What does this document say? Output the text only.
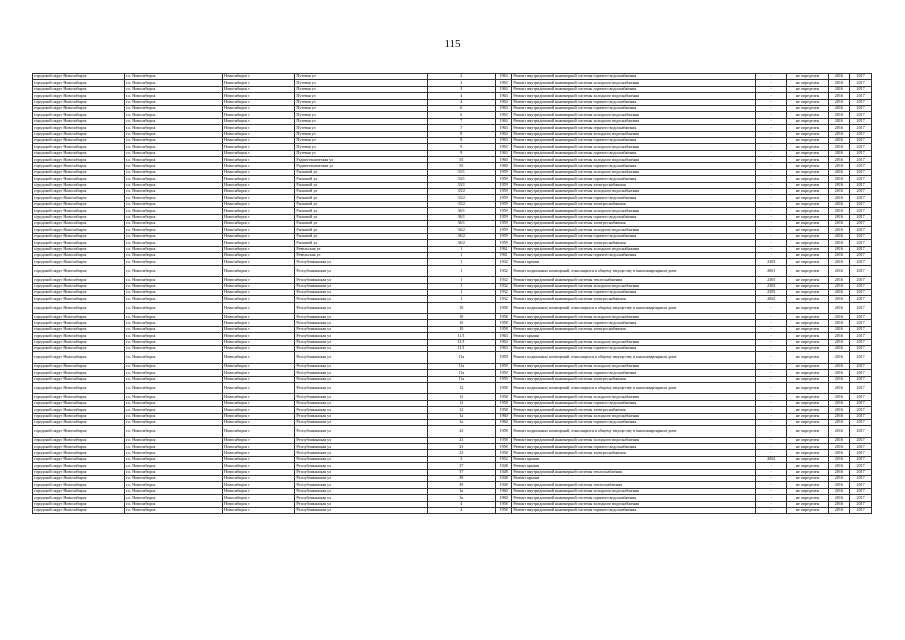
115
городской округ Новосибирск	г.о. Новосибирск	Новосибирск г	Путевая ул	2	1963	Ремонт внутридомовой инженерной системы горячего водоснабжения	-	не определен	2016	2017
городской округ Новосибирск	г.о. Новосибирск	Новосибирск г	Путевая ул	3	1963	Ремонт внутридомовой инженерной системы холодного водоснабжения	-	не определен	2016	2017
городской округ Новосибирск	г.о. Новосибирск	Новосибирск г	Путевая ул	3	1963	Ремонт внутридомовой инженерной системы горячего водоснабжения	-	не определен	2016	2017
городской округ Новосибирск	г.о. Новосибирск	Новосибирск г	Путевая ул	4	1963	Ремонт внутридомовой инженерной системы холодного водоснабжения	-	не определен	2016	2017
городской округ Новосибирск	г.о. Новосибирск	Новосибирск г	Путевая ул	4	1963	Ремонт внутридомовой инженерной системы горячего водоснабжения	-	не определен	2016	2017
городской округ Новосибирск	г.о. Новосибирск	Новосибирск г	Путевая ул	6	1963	Ремонт внутридомовой инженерной системы горячего водоснабжения	-	не определен	2016	2017
городской округ Новосибирск	г.о. Новосибирск	Новосибирск г	Путевая ул	6	1963	Ремонт внутридомовой инженерной системы холодного водоснабжения	-	не определен	2016	2017
городской округ Новосибирск	г.о. Новосибирск	Новосибирск г	Путевая ул	7	1963	Ремонт внутридомовой инженерной системы холодного водоснабжения	-	не определен	2016	2017
городской округ Новосибирск	г.о. Новосибирск	Новосибирск г	Путевая ул	7	1963	Ремонт внутридомовой инженерной системы горячего водоснабжения	-	не определен	2016	2017
городской округ Новосибирск	г.о. Новосибирск	Новосибирск г	Путевая ул	8	1963	Ремонт внутридомовой инженерной системы холодного водоснабжения	-	не определен	2016	2017
городской округ Новосибирск	г.о. Новосибирск	Новосибирск г	Путевая ул	8	1963	Ремонт внутридомовой инженерной системы горячего водоснабжения	-	не определен	2016	2017
городской округ Новосибирск	г.о. Новосибирск	Новосибирск г	Путевая ул	9	1963	Ремонт внутридомовой инженерной системы холодного водоснабжения	-	не определен	2016	2017
городской округ Новосибирск	г.о. Новосибирск	Новосибирск г	Путевая ул	9	1963	Ремонт внутридомовой инженерной системы горячего водоснабжения	-	не определен	2016	2017
городской округ Новосибирск	г.о. Новосибирск	Новосибирск г	Радиотехническая ул	55	1960	Ремонт внутридомовой инженерной системы холодного водоснабжения	-	не определен	2016	2017
городской округ Новосибирск	г.о. Новосибирск	Новосибирск г	Радиотехническая ул	55	1960	Ремонт внутридомовой инженерной системы горячего водоснабжения	-	не определен	2016	2017
городской округ Новосибирск	г.о. Новосибирск	Новосибирск г	Расковой ул	33/1	1959	Ремонт внутридомовой инженерной системы холодного водоснабжения	-	не определен	2016	2017
городской округ Новосибирск	г.о. Новосибирск	Новосибирск г	Расковой ул	33/1	1959	Ремонт внутридомовой инженерной системы горячего водоснабжения	-	не определен	2016	2017
городской округ Новосибирск	г.о. Новосибирск	Новосибирск г	Расковой ул	33/1	1959	Ремонт внутридомовой инженерной системы электроснабжения	-	не определен	2016	2017
городской округ Новосибирск	г.о. Новосибирск	Новосибирск г	Расковой ул	33/2	1959	Ремонт внутридомовой инженерной системы холодного водоснабжения	-	не определен	2016	2017
городской округ Новосибирск	г.о. Новосибирск	Новосибирск г	Расковой ул	33/2	1959	Ремонт внутридомовой инженерной системы горячего водоснабжения	-	не определен	2016	2017
городской округ Новосибирск	г.о. Новосибирск	Новосибирск г	Расковой ул	33/2	1959	Ремонт внутридомовой инженерной системы электроснабжения	-	не определен	2016	2017
городской округ Новосибирск	г.о. Новосибирск	Новосибирск г	Расковой ул	36/1	1959	Ремонт внутридомовой инженерной системы холодного водоснабжения	-	не определен	2016	2017
городской округ Новосибирск	г.о. Новосибирск	Новосибирск г	Расковой ул	36/1	1959	Ремонт внутридомовой инженерной системы горячего водоснабжения	-	не определен	2016	2017
городской округ Новосибирск	г.о. Новосибирск	Новосибирск г	Расковой ул	36/1	1959	Ремонт внутридомовой инженерной системы электроснабжения	-	не определен	2016	2017
городской округ Новосибирск	г.о. Новосибирск	Новосибирск г	Расковой ул	36/2	1959	Ремонт внутридомовой инженерной системы холодного водоснабжения	-	не определен	2016	2017
городской округ Новосибирск	г.о. Новосибирск	Новосибирск г	Расковой ул	36/2	1959	Ремонт внутридомовой инженерной системы горячего водоснабжения	-	не определен	2016	2017
городской округ Новосибирск	г.о. Новосибирск	Новосибирск г	Расковой ул	36/2	1959	Ремонт внутридомовой инженерной системы электроснабжения	-	не определен	2016	2017
городской округ Новосибирск	г.о. Новосибирск	Новосибирск г	Ревельская ул	1	1961	Ремонт внутридомовой инженерной системы холодного водоснабжения	-	не определен	2016	2017
городской округ Новосибирск	г.о. Новосибирск	Новосибирск г	Ревельская ул	1	1961	Ремонт внутридомовой инженерной системы горячего водоснабжения	-	не определен	2016	2017
городской округ Новосибирск	г.о. Новосибирск	Новосибирск г	Республиканская ул	1	1932	Ремонт крыши	2305	не определен	2016	2017
городской округ Новосибирск	г.о. Новосибирск	Новосибирск г	Республиканская ул	1	1932	Ремонт подвальных помещений, относящихся к общему имуществу в многоквартирном доме	2061	не определен	2016	2017
городской округ Новосибирск	г.о. Новосибирск	Новосибирск г	Республиканская ул	1	1932	Ремонт внутридомовой инженерной системы теплоснабжения	2305	не определен	2016	2017
городской округ Новосибирск	г.о. Новосибирск	Новосибирск г	Республиканская ул	1	1932	Ремонт внутридомовой инженерной системы холодного водоснабжения	2303	не определен	2016	2017
городской округ Новосибирск	г.о. Новосибирск	Новосибирск г	Республиканская ул	1	1932	Ремонт внутридомовой инженерной системы горячего водоснабжения	2305	не определен	2016	2017
городской округ Новосибирск	г.о. Новосибирск	Новосибирск г	Республиканская ул	1	1932	Ремонт внутридомовой инженерной системы электроснабжения	2002	не определен	2016	2017
городской округ Новосибирск	г.о. Новосибирск	Новосибирск г	Республиканская ул	10	1958	Ремонт подвальных помещений, относящихся к общему имуществу в многоквартирном доме	-	не определен	2016	2017
городской округ Новосибирск	г.о. Новосибирск	Новосибирск г	Республиканская ул	10	1958	Ремонт внутридомовой инженерной системы холодного водоснабжения	-	не определен	2016	2017
городской округ Новосибирск	г.о. Новосибирск	Новосибирск г	Республиканская ул	10	1958	Ремонт внутридомовой инженерной системы горячего водоснабжения	-	не определен	2016	2017
городской округ Новосибирск	г.о. Новосибирск	Новосибирск г	Республиканская ул	10	1958	Ремонт внутридомовой инженерной системы электроснабжения	-	не определен	2016	2017
городской округ Новосибирск	г.о. Новосибирск	Новосибирск г	Республиканская ул	11/1	1963	Ремонт крыши	-	не определен	2016	2017
городской округ Новосибирск	г.о. Новосибирск	Новосибирск г	Республиканская ул	11/1	1963	Ремонт внутридомовой инженерной системы холодного водоснабжения	-	не определен	2016	2017
городской округ Новосибирск	г.о. Новосибирск	Новосибирск г	Республиканская ул	11/1	1963	Ремонт внутридомовой инженерной системы горячего водоснабжения	-	не определен	2016	2017
городской округ Новосибирск	г.о. Новосибирск	Новосибирск г	Республиканская ул	11а	1959	Ремонт подвальных помещений, относящихся к общему имуществу в многоквартирном доме	-	не определен	2016	2017
городской округ Новосибирск	г.о. Новосибирск	Новосибирск г	Республиканская ул	11а	1959	Ремонт внутридомовой инженерной системы холодного водоснабжения	-	не определен	2016	2017
городской округ Новосибирск	г.о. Новосибирск	Новосибирск г	Республиканская ул	11а	1959	Ремонт внутридомовой инженерной системы горячего водоснабжения	-	не определен	2016	2017
городской округ Новосибирск	г.о. Новосибирск	Новосибирск г	Республиканская ул	11а	1959	Ремонт внутридомовой инженерной системы электроснабжения	-	не определен	2016	2017
городской округ Новосибирск	г.о. Новосибирск	Новосибирск г	Республиканская ул	12	1958	Ремонт подвальных помещений, относящихся к общему имуществу в многоквартирном доме	-	не определен	2016	2017
городской округ Новосибирск	г.о. Новосибирск	Новосибирск г	Республиканская ул	12	1958	Ремонт внутридомовой инженерной системы холодного водоснабжения	-	не определен	2016	2017
городской округ Новосибирск	г.о. Новосибирск	Новосибирск г	Республиканская ул	12	1958	Ремонт внутридомовой инженерной системы горячего водоснабжения	-	не определен	2016	2017
городской округ Новосибирск	г.о. Новосибирск	Новосибирск г	Республиканская ул	12	1958	Ремонт внутридомовой инженерной системы электроснабжения	-	не определен	2016	2017
городской округ Новосибирск	г.о. Новосибирск	Новосибирск г	Республиканская ул	1а	1960	Ремонт внутридомовой инженерной системы холодного водоснабжения	-	не определен	2016	2017
городской округ Новосибирск	г.о. Новосибирск	Новосибирск г	Республиканская ул	1а	1960	Ремонт внутридомовой инженерной системы горячего водоснабжения	-	не определен	2016	2017
городской округ Новосибирск	г.о. Новосибирск	Новосибирск г	Республиканская ул	23	1958	Ремонт подвальных помещений, относящихся к общему имуществу в многоквартирном доме	-	не определен	2016	2017
городской округ Новосибирск	г.о. Новосибирск	Новосибирск г	Республиканская ул	23	1958	Ремонт внутридомовой инженерной системы холодного водоснабжения	-	не определен	2016	2017
городской округ Новосибирск	г.о. Новосибирск	Новосибирск г	Республиканская ул	23	1958	Ремонт внутридомовой инженерной системы горячего водоснабжения	-	не определен	2016	2017
городской округ Новосибирск	г.о. Новосибирск	Новосибирск г	Республиканская ул	23	1958	Ремонт внутридомовой инженерной системы электроснабжения	-	не определен	2016	2017
городской округ Новосибирск	г.о. Новосибирск	Новосибирск г	Республиканская ул	3	1952	Ремонт крыши	2002	не определен	2016	2017
городской округ Новосибирск	г.о. Новосибирск	Новосибирск г	Республиканская ул	37	1948	Ремонт крыши	-	не определен	2016	2017
городской округ Новосибирск	г.о. Новосибирск	Новосибирск г	Республиканская ул	37	1948	Ремонт внутридомовой инженерной системы теплоснабжения	-	не определен	2016	2017
городской округ Новосибирск	г.о. Новосибирск	Новосибирск г	Республиканская ул	39	1948	Ремонт крыши	-	не определен	2016	2017
городской округ Новосибирск	г.о. Новосибирск	Новосибирск г	Республиканская ул	39	1948	Ремонт внутридомовой инженерной системы теплоснабжения	-	не определен	2016	2017
городской округ Новосибирск	г.о. Новосибирск	Новосибирск г	Республиканская ул	3а	1960	Ремонт внутридомовой инженерной системы холодного водоснабжения	-	не определен	2016	2017
городской округ Новосибирск	г.о. Новосибирск	Новосибирск г	Республиканская ул	3а	1960	Ремонт внутридомовой инженерной системы горячего водоснабжения	-	не определен	2016	2017
городской округ Новосибирск	г.о. Новосибирск	Новосибирск г	Республиканская ул	4	1958	Ремонт внутридомовой инженерной системы холодного водоснабжения	-	не определен	2016	2017
городской округ Новосибирск	г.о. Новосибирск	Новосибирск г	Республиканская ул	4	1958	Ремонт внутридомовой инженерной системы горячего водоснабжения	-	не определен	2016	2017
